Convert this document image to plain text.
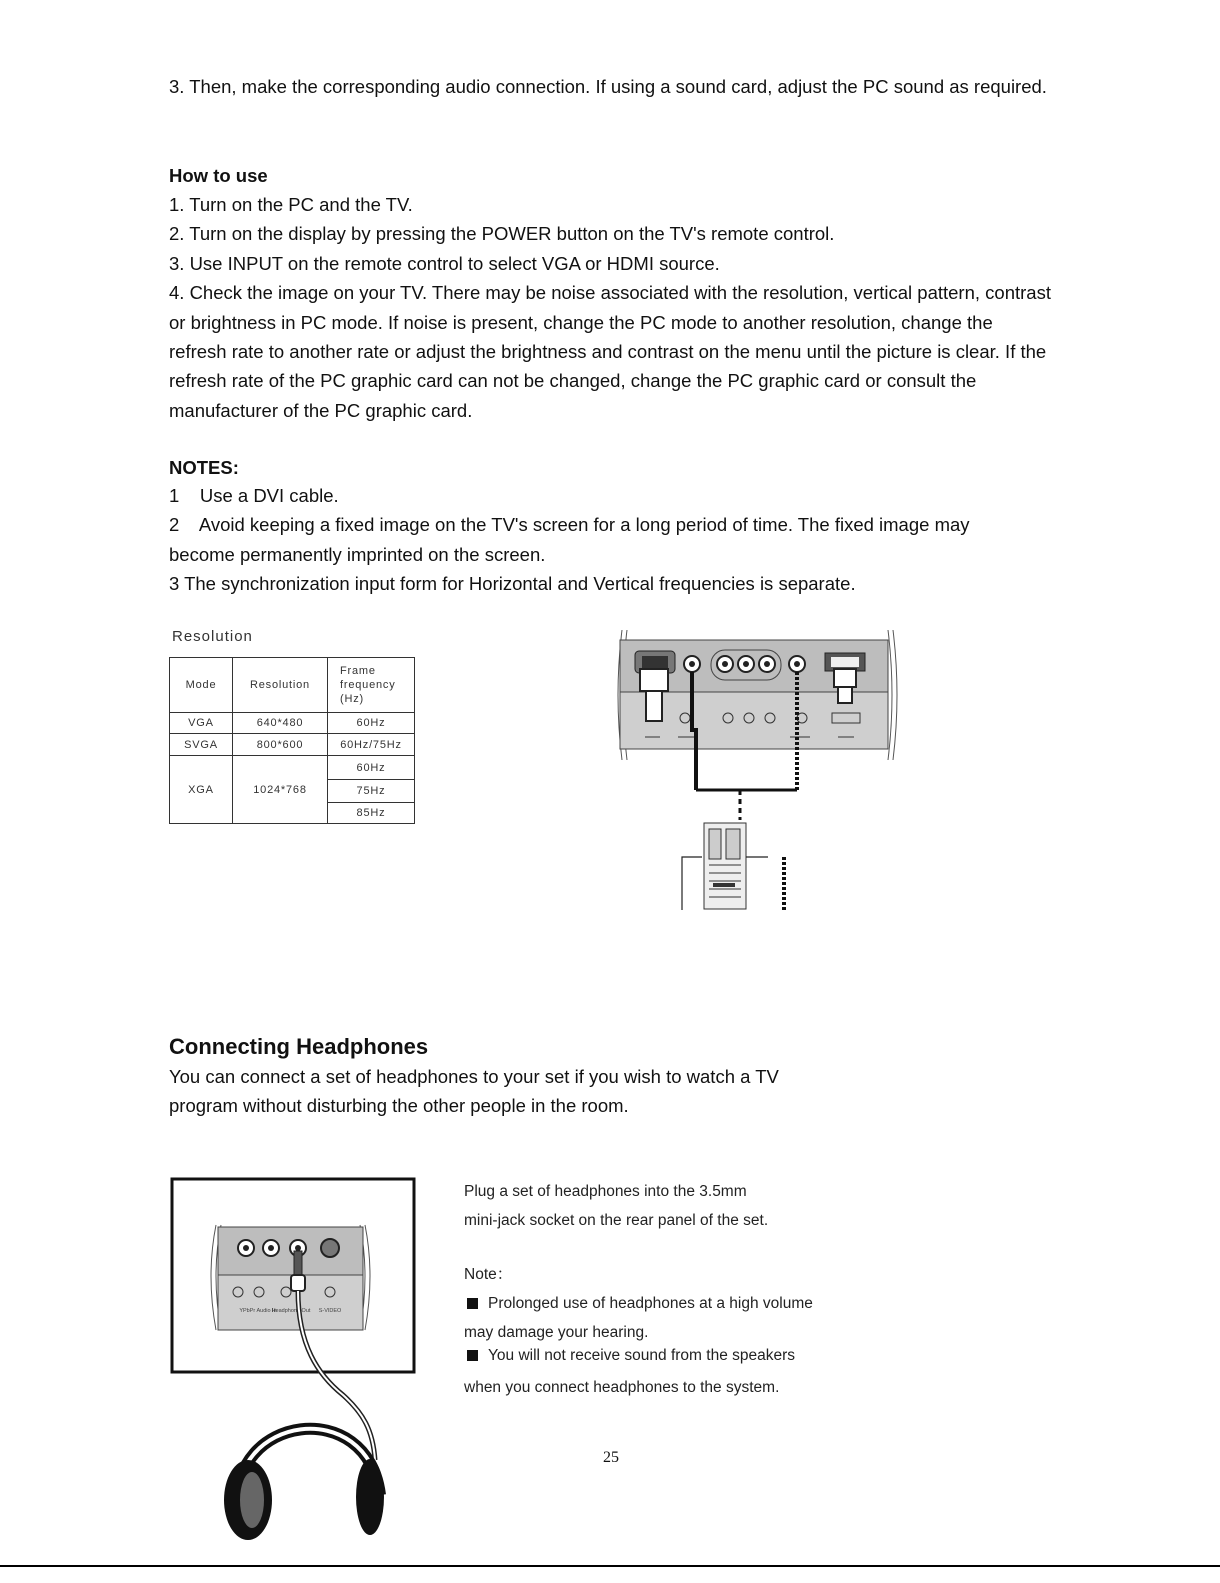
3. Then, make the corresponding audio connection. If using a sound card, adjust the PC sound as required.
How to use
1. Turn on the PC and the TV.
2. Turn on the display by pressing the POWER button on the TV's remote control.
3. Use INPUT on the remote control to select VGA or HDMI source.
4. Check the image on your TV. There may be noise associated with the resolution, vertical pattern, contrast or brightness in PC mode. If noise is present, change the PC mode to another resolution, change the refresh rate to another rate or adjust the brightness and contrast on the menu until the picture is clear. If the refresh rate of the PC graphic card can not be changed, change the PC graphic card or consult the manufacturer of the PC graphic card.
NOTES:
1    Use a DVI cable.
2    Avoid keeping a fixed image on the TV's screen for a long period of time. The fixed image may become permanently imprinted on the screen.
3 The synchronization input form for Horizontal and Vertical frequencies is separate.
Resolution
Mode	Resolution	Frame frequency (Hz)
VGA	640*480	60Hz
SVGA	800*600	60Hz/75Hz
XGA	1024*768	60Hz
		75Hz
		85Hz
Connecting Headphones
You can connect a set of headphones to your set if you wish to watch a TV program without disturbing the other people in the room.
YPbPr Audio In
Headphone Out S-VIDEO
Plug a set of headphones into the 3.5mm
mini-jack socket on the rear panel of the set.
Note：
Prolonged use of headphones at a high volume
may damage your hearing.
You will not receive sound from the speakers
when you connect headphones to the system.
25
